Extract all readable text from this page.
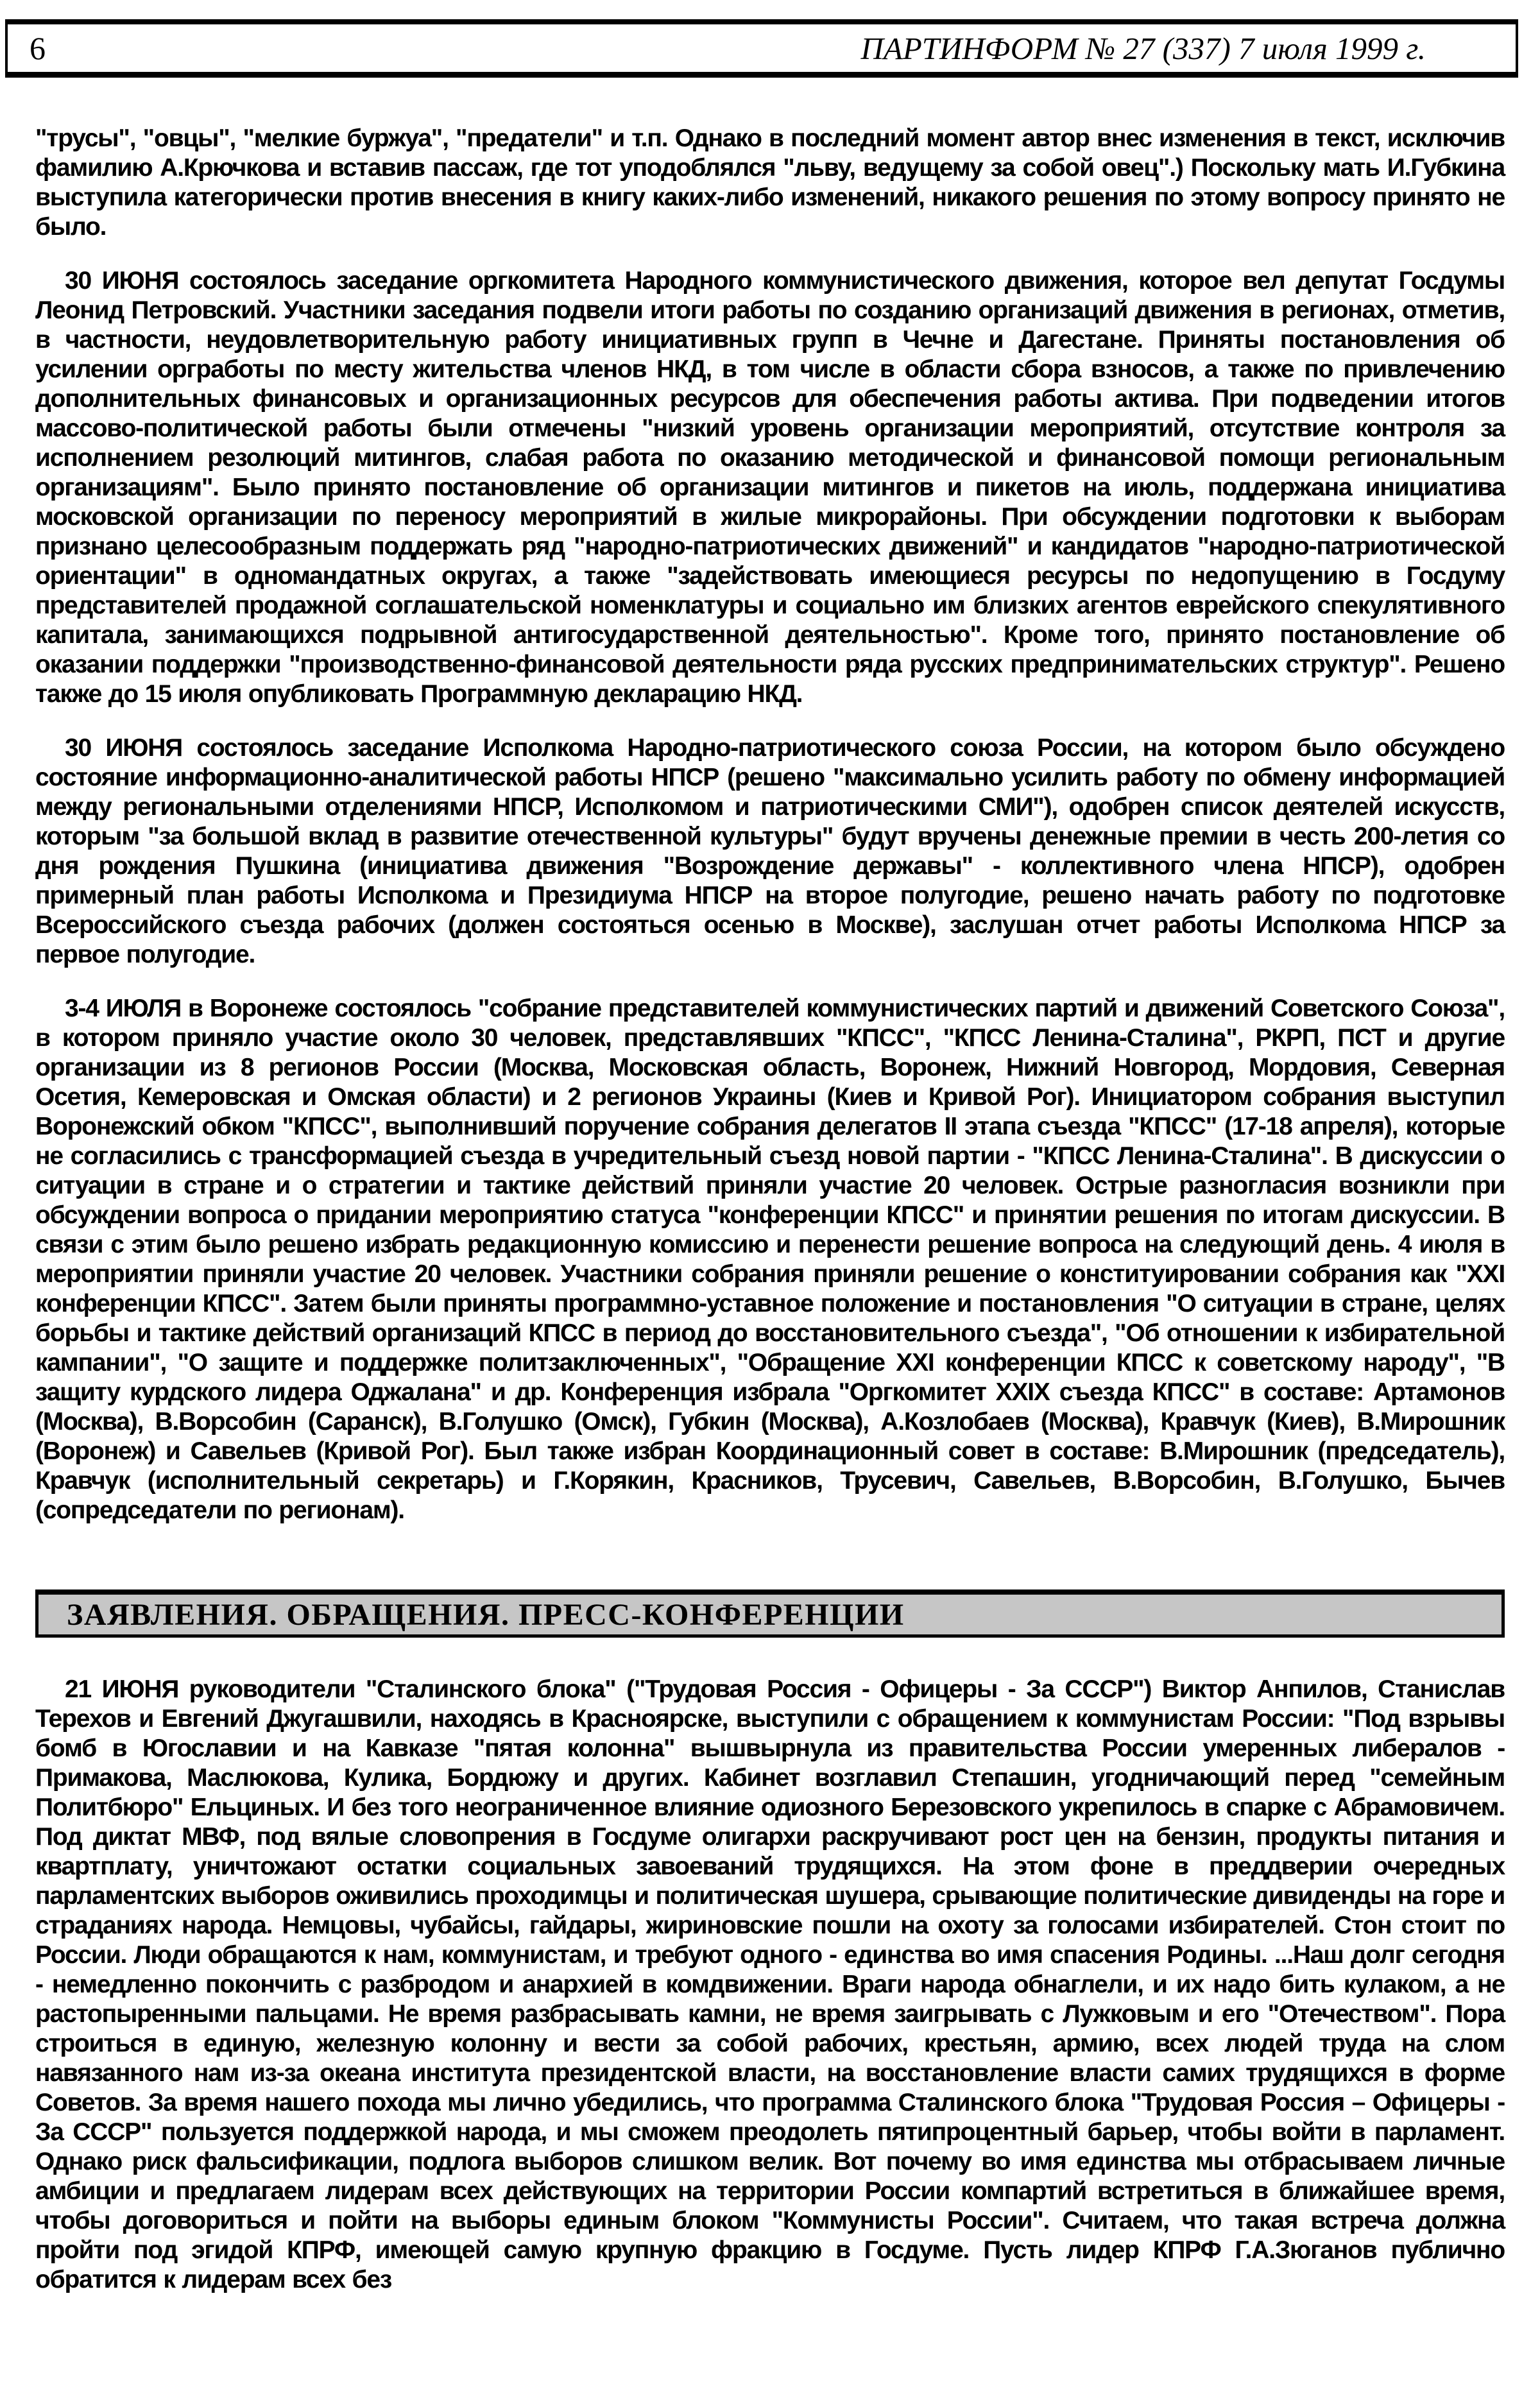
6	ПАРТИНФОРМ № 27 (337) 7 июля 1999 г.

"трусы", "овцы", "мелкие буржуа", "предатели" и т.п. Однако в последний момент автор внес изменения в текст, исключив фамилию А.Крючкова и вставив пассаж, где тот уподоблялся "льву, ведущему за собой овец".) Поскольку мать И.Губкина выступила категорически против внесения в книгу каких-либо изменений, никакого решения по этому вопросу принято не было.

30 ИЮНЯ состоялось заседание оргкомитета Народного коммунистического движения, которое вел депутат Госдумы Леонид Петровский. Участники заседания подвели итоги работы по созданию организаций движения в регионах, отметив, в частности, неудовлетворительную работу инициативных групп в Чечне и Дагестане. Приняты постановления об усилении оргработы по месту жительства членов НКД, в том числе в области сбора взносов, а также по привлечению дополнительных финансовых и организационных ресурсов для обеспечения работы актива. При подведении итогов массово-политической работы были отмечены "низкий уровень организации мероприятий, отсутствие контроля за исполнением резолюций митингов, слабая работа по оказанию методической и финансовой помощи региональным организациям". Было принято постановление об организации митингов и пикетов на июль, поддержана инициатива московской организации по переносу мероприятий в жилые микрорайоны. При обсуждении подготовки к выборам признано целесообразным поддержать ряд "народно-патриотических движений" и кандидатов "народно-патриотической ориентации" в одномандатных округах, а также "задействовать имеющиеся ресурсы по недопущению в Госдуму представителей продажной соглашательской номенклатуры и социально им близких агентов еврейского спекулятивного капитала, занимающихся подрывной антигосударственной деятельностью". Кроме того, принято постановление об оказании поддержки "производственно-финансовой деятельности ряда русских предпринимательских структур". Решено также до 15 июля опубликовать Программную декларацию НКД.

30 ИЮНЯ состоялось заседание Исполкома Народно-патриотического союза России, на котором было обсуждено состояние информационно-аналитической работы НПСР (решено "максимально усилить работу по обмену информацией между региональными отделениями НПСР, Исполкомом и патриотическими СМИ"), одобрен список деятелей искусств, которым "за большой вклад в развитие отечественной культуры" будут вручены денежные премии в честь 200-летия со дня рождения Пушкина (инициатива движения "Возрождение державы" - коллективного члена НПСР), одобрен примерный план работы Исполкома и Президиума НПСР на второе полугодие, решено начать работу по подготовке Всероссийского съезда рабочих (должен состояться осенью в Москве), заслушан отчет работы Исполкома НПСР за первое полугодие.

3-4 ИЮЛЯ в Воронеже состоялось "собрание представителей коммунистических партий и движений Советского Союза", в котором приняло участие около 30 человек, представлявших "КПСС", "КПСС Ленина-Сталина", РКРП, ПСТ и другие организации из 8 регионов России (Москва, Московская область, Воронеж, Нижний Новгород, Мордовия, Северная Осетия, Кемеровская и Омская области) и 2 регионов Украины (Киев и Кривой Рог). Инициатором собрания выступил Воронежский обком "КПСС", выполнивший поручение собрания делегатов II этапа съезда "КПСС" (17-18 апреля), которые не согласились с трансформацией съезда в учредительный съезд новой партии - "КПСС Ленина-Сталина". В дискуссии о ситуации в стране и о стратегии и тактике действий приняли участие 20 человек. Острые разногласия возникли при обсуждении вопроса о придании мероприятию статуса "конференции КПСС" и принятии решения по итогам дискуссии. В связи с этим было решено избрать редакционную комиссию и перенести решение вопроса на следующий день. 4 июля в мероприятии приняли участие 20 человек. Участники собрания приняли решение о конституировании собрания как "XXI конференции КПСС". Затем были приняты программно-уставное положение и постановления "О ситуации в стране, целях борьбы и тактике действий организаций КПСС в период до восстановительного съезда", "Об отношении к избирательной кампании", "О защите и поддержке политзаключенных", "Обращение XXI конференции КПСС к советскому народу", "В защиту курдского лидера Оджалана" и др. Конференция избрала "Оргкомитет XXIX съезда КПСС" в составе: Артамонов (Москва), В.Ворсобин (Саранск), В.Голушко (Омск), Губкин (Москва), А.Козлобаев (Москва), Кравчук (Киев), В.Мирошник (Воронеж) и Савельев (Кривой Рог). Был также избран Координационный совет в составе: В.Мирошник (председатель), Кравчук (исполнительный секретарь) и Г.Корякин, Красников, Трусевич, Савельев, В.Ворсобин, В.Голушко, Бычев (сопредседатели по регионам).

ЗАЯВЛЕНИЯ. ОБРАЩЕНИЯ. ПРЕСС-КОНФЕРЕНЦИИ

21 ИЮНЯ руководители "Сталинского блока" ("Трудовая Россия - Офицеры - За СССР") Виктор Анпилов, Станислав Терехов и Евгений Джугашвили, находясь в Красноярске, выступили с обращением к коммунистам России: "Под взрывы бомб в Югославии и на Кавказе "пятая колонна" вышвырнула из правительства России умеренных либералов - Примакова, Маслюкова, Кулика, Бордюжу и других. Кабинет возглавил Степашин, угодничающий перед "семейным Политбюро" Ельциных. И без того неограниченное влияние одиозного Березовского укрепилось в спарке с Абрамовичем. Под диктат МВФ, под вялые словопрения в Госдуме олигархи раскручивают рост цен на бензин, продукты питания и квартплату, уничтожают остатки социальных завоеваний трудящихся. На этом фоне в преддверии очередных парламентских выборов оживились проходимцы и политическая шушера, срывающие политические дивиденды на горе и страданиях народа. Немцовы, чубайсы, гайдары, жириновские пошли на охоту за голосами избирателей. Стон стоит по России. Люди обращаются к нам, коммунистам, и требуют одного - единства во имя спасения Родины. ...Наш долг сегодня - немедленно покончить с разбродом и анархией в комдвижении. Враги народа обнаглели, и их надо бить кулаком, а не растопыренными пальцами. Не время разбрасывать камни, не время заигрывать с Лужковым и его "Отечеством". Пора строиться в единую, железную колонну и вести за собой рабочих, крестьян, армию, всех людей труда на слом навязанного нам из-за океана института президентской власти, на восстановление власти самих трудящихся в форме Советов. За время нашего похода мы лично убедились, что программа Сталинского блока "Трудовая Россия – Офицеры - За СССР" пользуется поддержкой народа, и мы сможем преодолеть пятипроцентный барьер, чтобы войти в парламент. Однако риск фальсификации, подлога выборов слишком велик. Вот почему во имя единства мы отбрасываем личные амбиции и предлагаем лидерам всех действующих на территории России компартий встретиться в ближайшее время, чтобы договориться и пойти на выборы единым блоком "Коммунисты России". Считаем, что такая встреча должна пройти под эгидой КПРФ, имеющей самую крупную фракцию в Госдуме. Пусть лидер КПРФ Г.А.Зюганов публично обратится к лидерам всех без
